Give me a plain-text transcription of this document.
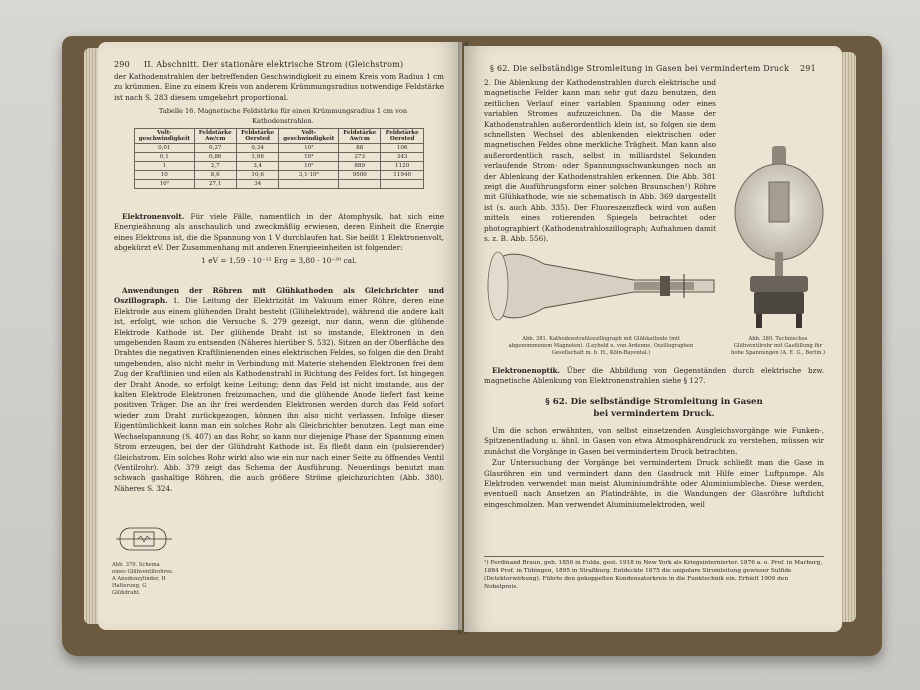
290 II. Abschnitt. Der stationäre elektrische Strom (Gleichstrom)
der Kathodenstrahlen der betreffenden Geschwindigkeit zu einem Kreis vom Radius 1 cm zu krümmen. Eine zu einem Kreis von anderem Krümmungsradius notwendige Feldstärke ist nach S. 283 diesem umgekehrt proportional.
Tabelle 16. Magnetische Feldstärke für einen Krümmungsradius 1 cm von Kathodenstrahlen.
Volt-geschwindigkeit	Feldstärke Aw/cm	Feldstärke Oersted	Volt-geschwindigkeit	Feldstärke Aw/cm	Feldstärke Oersted
0,01	0,27	0,34	10³	88	106
0,1	0,86	1,06	10⁴	273	343
1	2,7	3,4	10⁵	889	1120
10	8,6	10,6	3,1·10⁶	9500	11940
10²	27,1	34			

Elektronenvolt. Für viele Fälle, namentlich in der Atomphysik, hat sich eine Energieähnung als anschaulich und zweckmäßig erwiesen, deren Einheit die Energie eines Elektrons ist, die die Spannung von 1 V durchlaufen hat. Sie heißt 1 Elektronenvolt, abgekürzt eV. Der Zusammenhang mit anderen Energieeinheiten ist folgender:

1 eV = 1,59 · 10⁻¹² Erg = 3,80 · 10⁻²⁰ cal.

Anwendungen der Röhren mit Glühkathoden als Gleichrichter und Oszillograph. 1. Die Leitung der Elektrizität im Vakuum einer Röhre, deren eine Elektrode aus einem glühenden Draht besteht (Glühelektrode), während die andere kalt ist, erfolgt, wie schon die Versuche S. 279 gezeigt, nur dann, wenn die glühende Elektrode Kathode ist. Der glühende Draht ist so imstande, Elektronen in den umgebenden Raum zu entsenden (Näheres hierüber S. 532). Sitzen an der Oberfläche des Drahtes die negativen Kraftlinienenden eines elektrischen Feldes, so folgen die den Draht umgebenden, also nicht mehr in Verbindung mit Materie stehenden Elektronen frei dem Zug der Kraftlinien und eilen als Kathodenstrahl in Richtung des Feldes fort. Ist hingegen der Draht Anode, so erfolgt keine Leitung; denn das Feld ist nicht imstande, aus der kalten Elektrode Elektronen freizumachen, und die glühende Anode liefert fast keine positiven Träger. Die an ihr frei werdenden Elektronen werden durch das Feld sofort wieder zum Draht zurückgezogen, können ihn also nicht verlassen. Infolge dieser Eigentümlichkeit kann man ein solches Rohr als Gleichrichter benutzen. Legt man eine Wechselspannung (S. 407) an das Rohr, so kann nur diejenige Phase der Spannung einen Strom erzeugen, bei der der Glühdraht Kathode ist. Es fließt dann ein (pulsierender) Gleichstrom. Ein solches Rohr wirkt also wie ein nur nach einer Seite zu öffnendes Ventil (Ventilrohr). Abb. 379 zeigt das Schema der Ausführung. Neuerdings benutzt man schwach gashaltige Röhren, die auch größere Ströme gleichzurichten (Abb. 380). Näheres S. 324.

Abb. 379. Schema eines Glühventilrohres. A Anodenzylinder, H Halterung, G Glühdraht.
§ 62. Die selbständige Stromleitung in Gasen bei vermindertem Druck 291
2. Die Ablenkung der Kathodenstrahlen durch elektrische und magnetische Felder kann man sehr gut dazu benutzen, den zeitlichen Verlauf einer variablen Spannung oder eines variablen Stromes aufzuzeichnen. Da die Masse der Kathodenstrahlen außerordentlich klein ist, so folgen sie dem schnellsten Wechsel des ablenkenden elektrischen oder magnetischen Feldes ohne merkliche Trägheit. Man kann also außerordentlich rasch, selbst in milliardstel Sekunden verlaufende Strom- oder Spannungsschwankungen noch an der Ablenkung der Kathodenstrahlen erkennen. Die Abb. 381 zeigt die Ausführungsform einer solchen Braunschen¹) Röhre mit Glühkathode, wie sie schematisch in Abb. 369 dargestellt ist (s. auch Abb. 335). Der Fluoreszenzfleck wird von außen mittels eines rotierenden Spiegels betrachtet oder photographiert (Kathodenstrahloszillograph; Aufnahmen damit s. z. B. Abb. 556).
Abb. 381. Kathodenstrahloszillograph mit Glühkathode (mit abgenommenem Magneten). (Leybold u. von Ardenne, Oszillographen Gesellschaft m. b. H., Köln-Bayental.)
Abb. 380. Technisches Glühventilrohr mit Gasfüllung für hohe Spannungen (A. E. G., Berlin.)

Elektronenoptik. Über die Abbildung von Gegenständen durch elektrische bzw. magnetische Ablenkung von Elektronenstrahlen siehe § 127.

§ 62. Die selbständige Stromleitung in Gasen
bei vermindertem Druck.

Um die schon erwähnten, von selbst einsetzenden Ausgleichsvorgänge wie Funken-, Spitzenentladung u. ähnl. in Gasen von etwa Atmosphärendruck zu verstehen, müssen wir zunächst die Vorgänge in Gasen bei vermindertem Druck betrachten.

Zur Untersuchung der Vorgänge bei vermindertem Druck schließt man die Gase in Glasröhren ein und vermindert dann den Gasdruck mit Hilfe einer Luftpumpe. Als Elektroden verwendet man meist Aluminiumdrähte oder Aluminiumbleche. Diese werden, eventuell nach Ansetzen an Platindrähte, in die Wandungen der Glasröhre luftdicht eingeschmolzen. Man verwendet Aluminiumelektroden, weil

¹) Ferdinand Braun, geb. 1850 in Fulda, gest. 1918 in New York als Kriegsinternierter. 1876 a. o. Prof. in Marburg, 1884 Prof. in Tübingen, 1895 in Straßburg. Entdeckte 1875 die unipolare Stromleitung gewisser Sulfide (Detektorwirkung). Führte den gekoppelten Kondensatorkreis in die Funktechnik ein. Erhielt 1909 den Nobelpreis.
